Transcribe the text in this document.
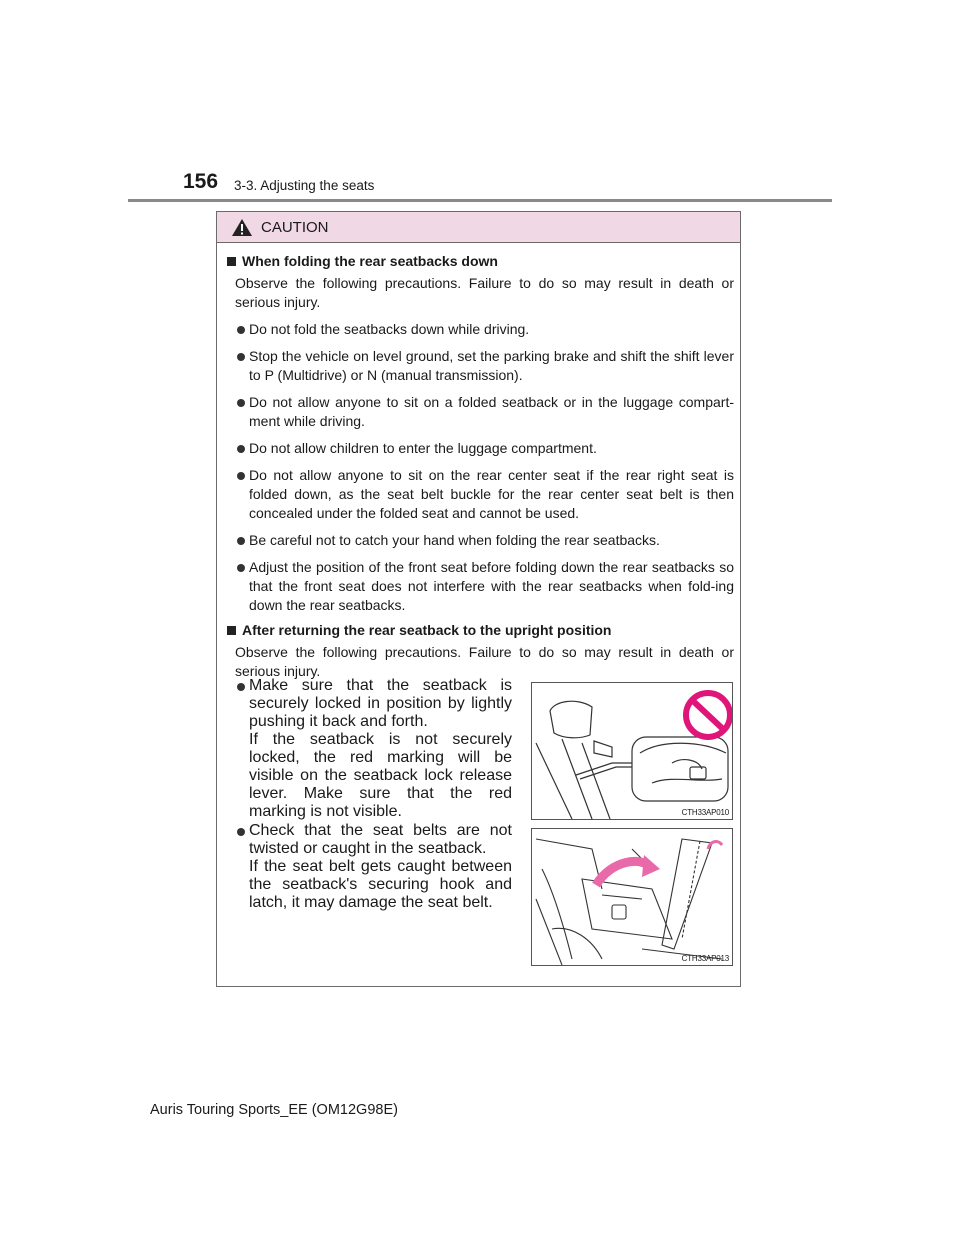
156 3-3. Adjusting the seats
CAUTION
When folding the rear seatbacks down
Observe the following precautions. Failure to do so may result in death or serious injury.
Do not fold the seatbacks down while driving.
Stop the vehicle on level ground, set the parking brake and shift the shift lever to P (Multidrive) or N (manual transmission).
Do not allow anyone to sit on a folded seatback or in the luggage compart-ment while driving.
Do not allow children to enter the luggage compartment.
Do not allow anyone to sit on the rear center seat if the rear right seat is folded down, as the seat belt buckle for the rear center seat belt is then concealed under the folded seat and cannot be used.
Be careful not to catch your hand when folding the rear seatbacks.
Adjust the position of the front seat before folding down the rear seatbacks so that the front seat does not interfere with the rear seatbacks when fold-ing down the rear seatbacks.
After returning the rear seatback to the upright position
Observe the following precautions. Failure to do so may result in death or serious injury.
Make sure that the seatback is securely locked in position by lightly pushing it back and forth.
If the seatback is not securely locked, the red marking will be visible on the seatback lock release lever. Make sure that the red marking is not visible.	CTH33AP010
Check that the seat belts are not twisted or caught in the seatback.
If the seat belt gets caught between the seatback's securing hook and latch, it may damage the seat belt.
CTH33AP013
Auris Touring Sports_EE (OM12G98E)
